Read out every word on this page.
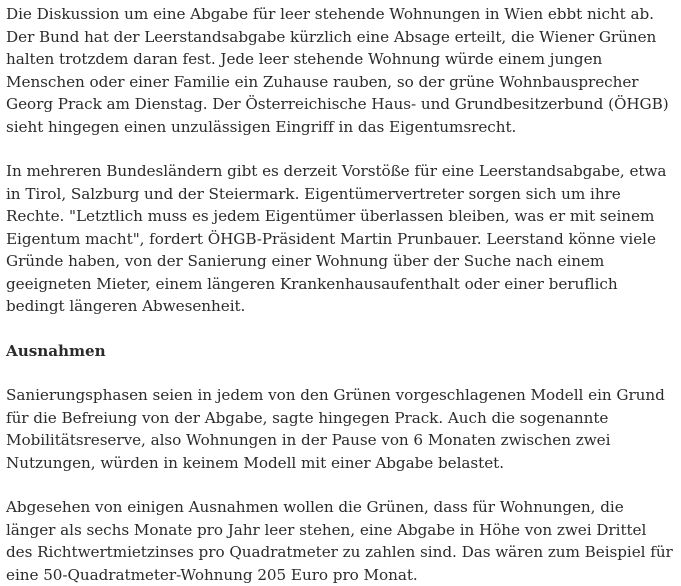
Die Diskussion um eine Abgabe für leer stehende Wohnungen in Wien ebbt nicht ab. Der Bund hat der Leerstandsabgabe kürzlich eine Absage erteilt, die Wiener Grünen halten trotzdem daran fest. Jede leer stehende Wohnung würde einem jungen Menschen oder einer Familie ein Zuhause rauben, so der grüne Wohnbausprecher Georg Prack am Dienstag. Der Österreichische Haus- und Grundbesitzerbund (ÖHGB) sieht hingegen einen unzulässigen Eingriff in das Eigentumsrecht.

In mehreren Bundesländern gibt es derzeit Vorstöße für eine Leerstandsabgabe, etwa in Tirol, Salzburg und der Steiermark. Eigentümervertreter sorgen sich um ihre Rechte. "Letztlich muss es jedem Eigentümer überlassen bleiben, was er mit seinem Eigentum macht", fordert ÖHGB-Präsident Martin Prunbauer. Leerstand könne viele Gründe haben, von der Sanierung einer Wohnung über der Suche nach einem geeigneten Mieter, einem längeren Krankenhausaufenthalt oder einer beruflich bedingt längeren Abwesenheit.

Ausnahmen

Sanierungsphasen seien in jedem von den Grünen vorgeschlagenen Modell ein Grund für die Befreiung von der Abgabe, sagte hingegen Prack. Auch die sogenannte Mobilitätsreserve, also Wohnungen in der Pause von 6 Monaten zwischen zwei Nutzungen, würden in keinem Modell mit einer Abgabe belastet.

Abgesehen von einigen Ausnahmen wollen die Grünen, dass für Wohnungen, die länger als sechs Monate pro Jahr leer stehen, eine Abgabe in Höhe von zwei Drittel des Richtwertmietzinses pro Quadratmeter zu zahlen sind. Das wären zum Beispiel für eine 50-Quadratmeter-Wohnung 205 Euro pro Monat.
